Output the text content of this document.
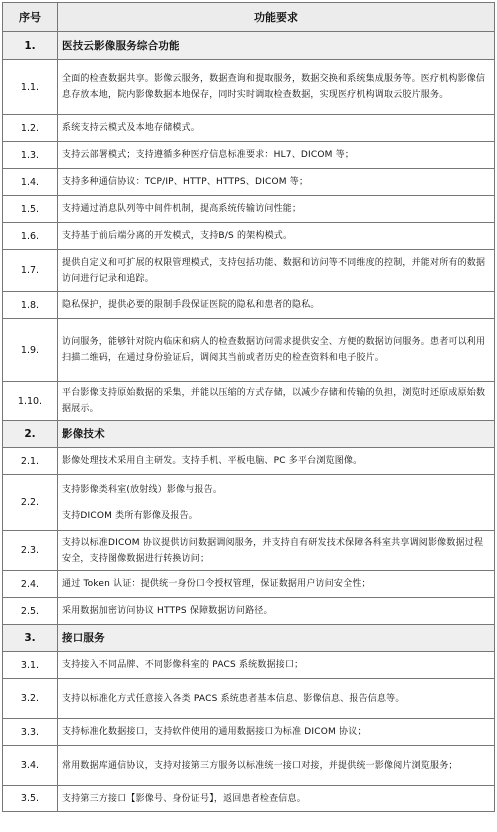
序号	功能要求
1.	医技云影像服务综合功能

1.1.	全面的检查数据共享。影像云服务，数据查询和提取服务，数据交换和系统集成服务等。医疗机构影像信息存放本地，院内影像数据本地保存，同时实时调取检查数据，实现医疗机构调取云胶片服务。

1.2.	系统支持云模式及本地存储模式。

1.3.	支持云部署模式；支持遵循多种医疗信息标准要求：HL7、DICOM 等；

1.4.	支持多种通信协议：TCP/IP、HTTP、HTTPS、DICOM 等；

1.5.	支持通过消息队列等中间件机制，提高系统传输访问性能；

1.6.	支持基于前后端分离的开发模式，支持B/S 的架构模式。

1.7.	提供自定义和可扩展的权限管理模式，支持包括功能、数据和访问等不同维度的控制，并能对所有的数据访问进行记录和追踪。

1.8.	隐私保护，提供必要的限制手段保证医院的隐私和患者的隐私。

1.9.	访问服务，能够针对院内临床和病人的检查数据访问需求提供安全、方便的数据访问服务。患者可以利用扫描二维码，在通过身份验证后，调阅其当前或者历史的检查资料和电子胶片。

1.10.	平台影像支持原始数据的采集，并能以压缩的方式存储，以减少存储和传输的负担，浏览时还原成原始数据展示。

2.	影像技术

2.1.	影像处理技术采用自主研发。支持手机、平板电脑、PC 多平台浏览图像。

2.2.	支持影像类科室(放射线）影像与报告。
支持DICOM 类所有影像及报告。

2.3.	支持以标准DICOM 协议提供访问数据调阅服务，并支持自有研发技术保障各科室共享调阅影像数据过程安全，支持图像数据进行转换访问；

2.4.	通过 Token 认证：提供统一身份口令授权管理，保证数据用户访问安全性；

2.5.	采用数据加密访问协议 HTTPS 保障数据访问路径。

3.	接口服务

3.1.	支持接入不同品牌、不同影像科室的 PACS 系统数据接口；

3.2.	支持以标准化方式任意接入各类 PACS 系统患者基本信息、影像信息、报告信息等。

3.3.	支持标准化数据接口，支持软件使用的通用数据接口为标准 DICOM 协议；

3.4.	常用数据库通信协议，支持对接第三方服务以标准统一接口对接，并提供统一影像阅片浏览服务；

3.5.	支持第三方接口【影像号、身份证号】，返回患者检查信息。
